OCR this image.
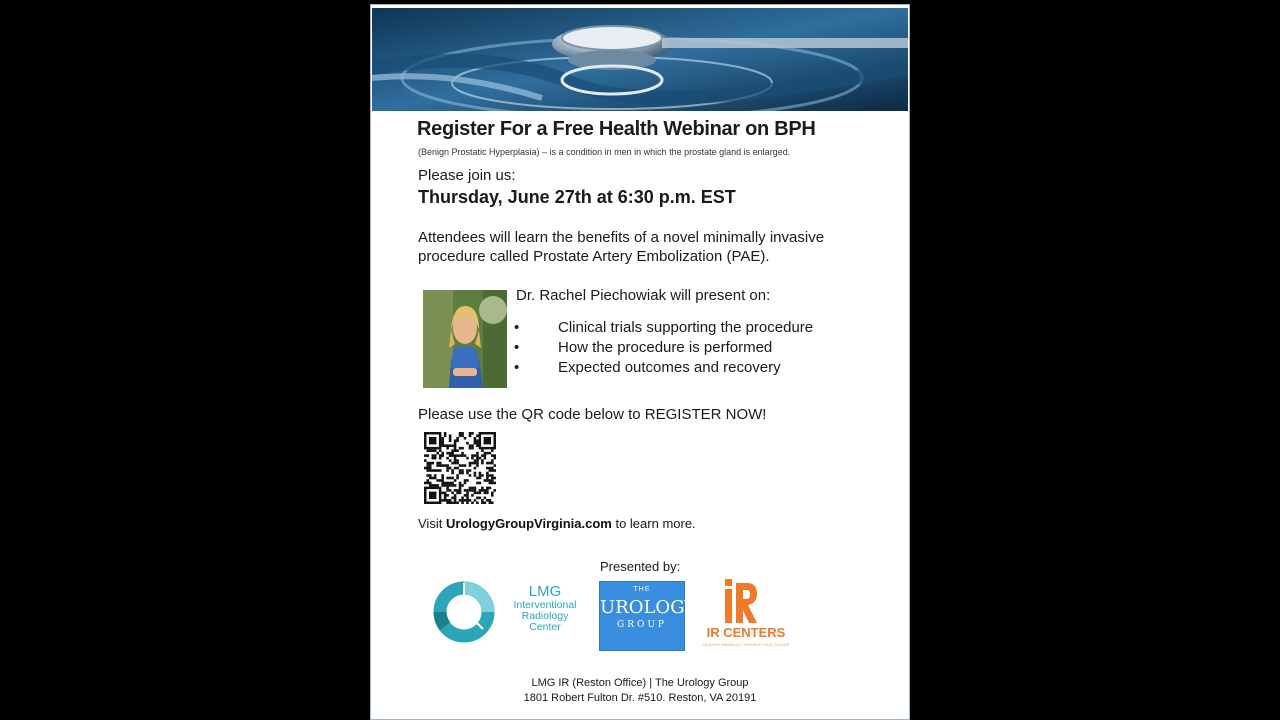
Register For a Free Health Webinar on BPH
(Benign Prostatic Hyperplasia) – is a condition in men in which the prostate gland is enlarged.
Please join us:
Thursday, June 27th at 6:30 p.m. EST
Attendees will learn the benefits of a novel minimally invasive
procedure called Prostate Artery Embolization (PAE).
Dr. Rachel Piechowiak will present on:
•	Clinical trials supporting the procedure
•	How the procedure is performed
•	Expected outcomes and recovery
Please use the QR code below to REGISTER NOW!
Visit UrologyGroupVirginia.com to learn more.
Presented by:
LMG
Interventional
Radiology
Center
THE
UROLOGY
GROUP	IR CENTERS
LEADING MINIMALLY INVASIVE HEALTHCARE
LMG IR (Reston Office) | The Urology Group
1801 Robert Fulton Dr. #510. Reston, VA 20191
